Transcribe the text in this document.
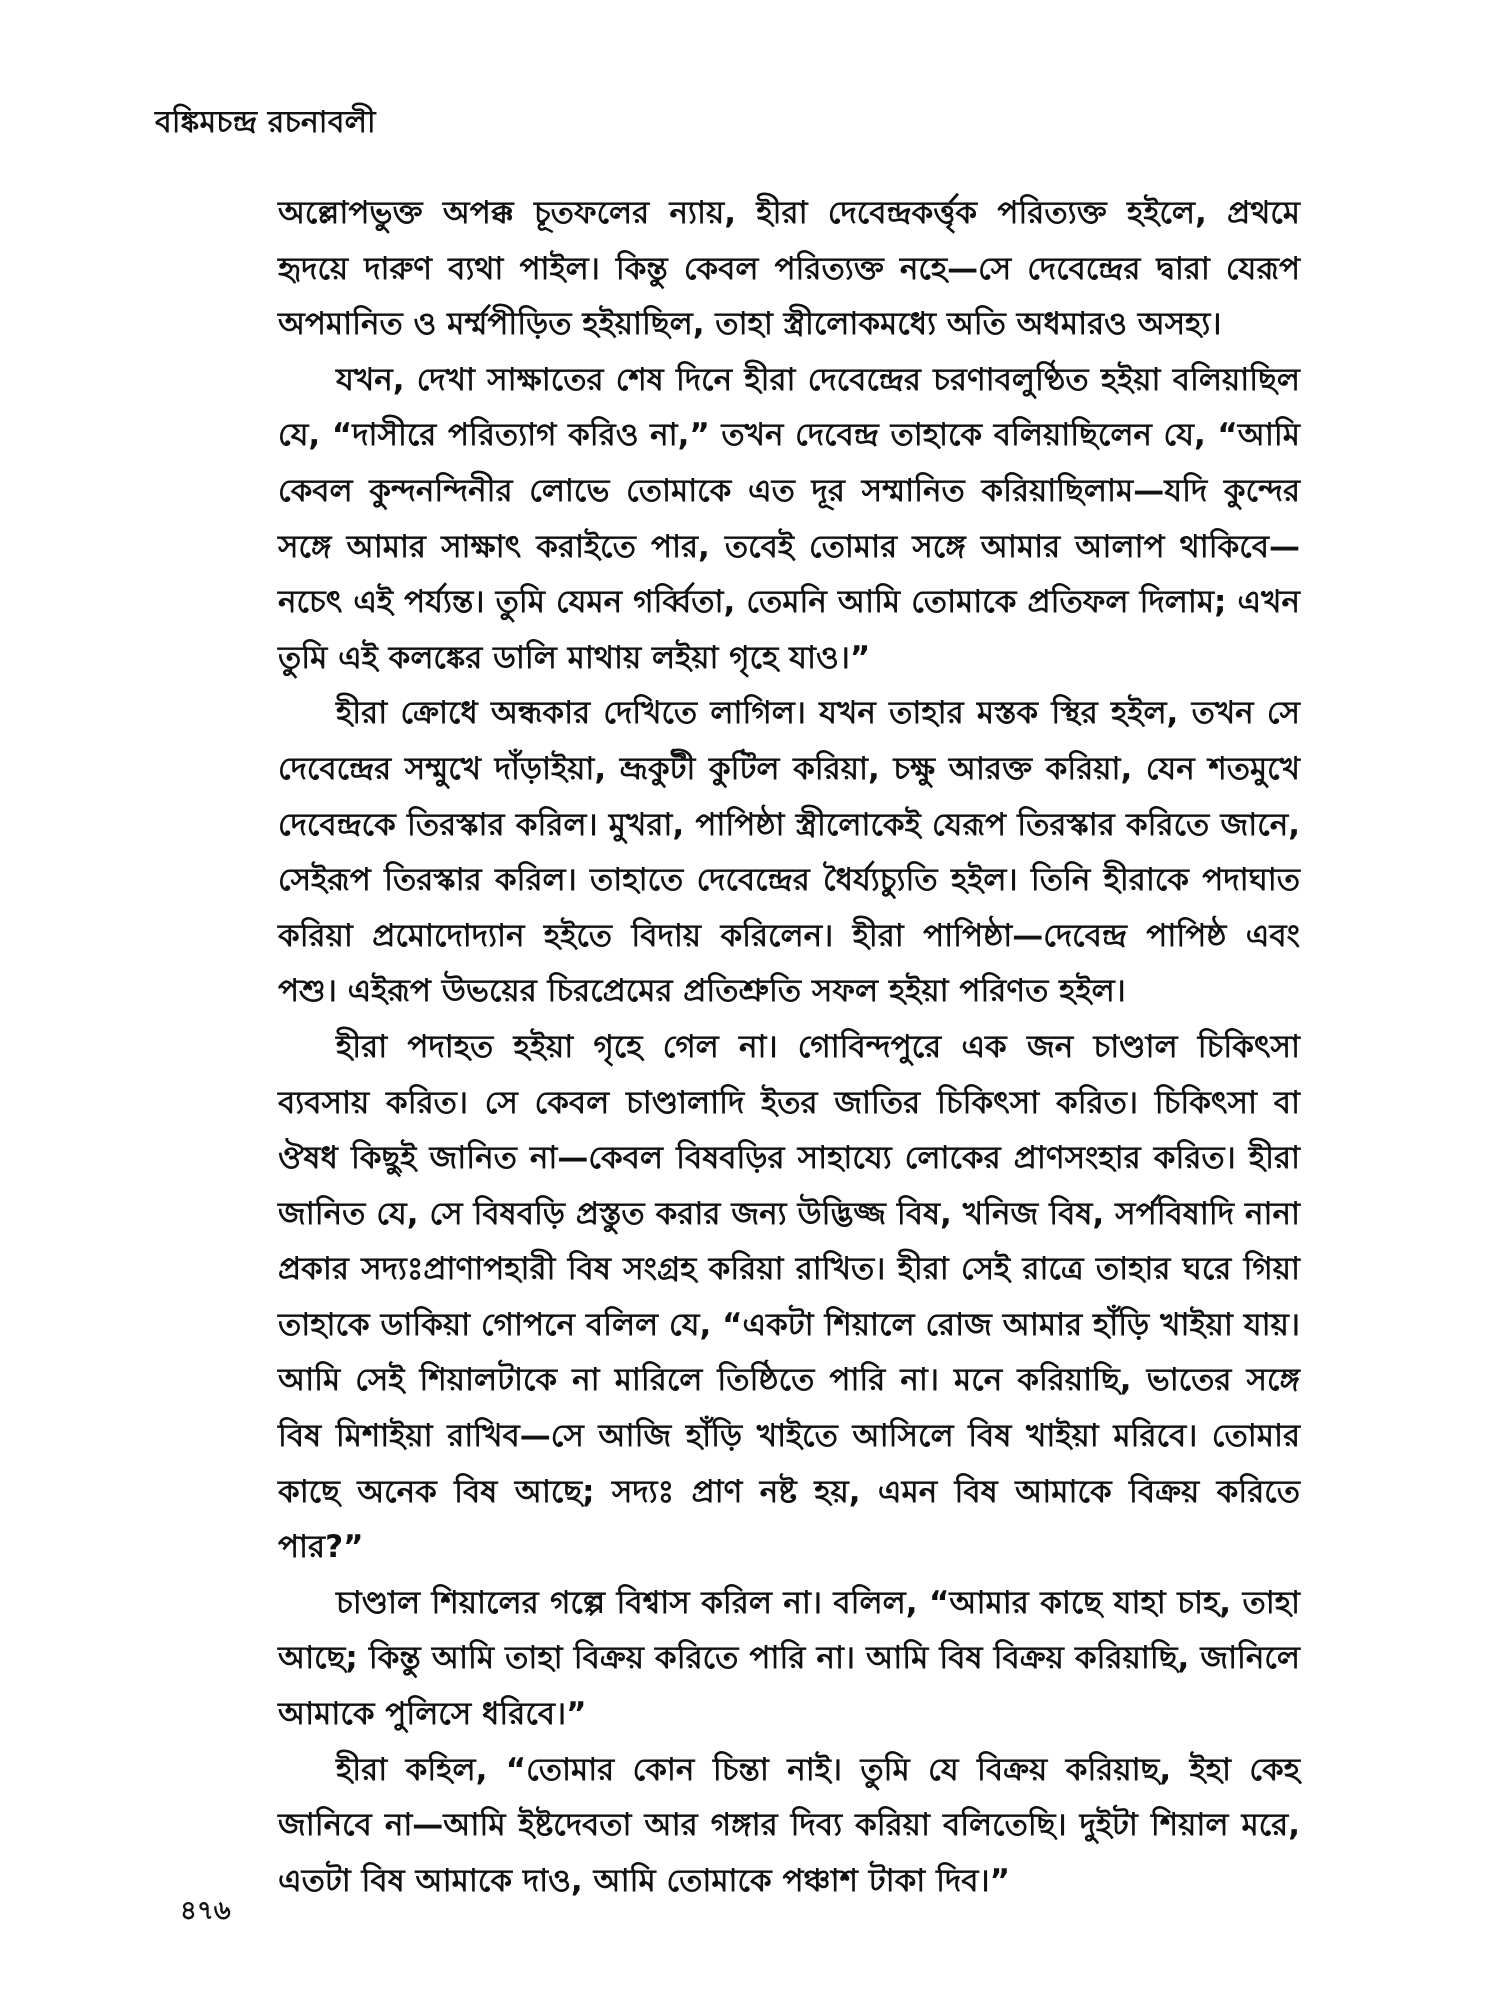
বঙ্কিমচন্দ্র রচনাবলী

অল্লোপভুক্ত অপক্ক চূতফলের ন্যায়, হীরা দেবেন্দ্রকর্ত্তৃক পরিত্যক্ত হইলে, প্রথমে হৃদয়ে দারুণ ব্যথা পাইল। কিন্তু কেবল পরিত্যক্ত নহে—সে দেবেন্দ্রের দ্বারা যেরূপ অপমানিত ও মর্ম্মপীড়িত হইয়াছিল, তাহা স্ত্রীলোকমধ্যে অতি অধমারও অসহ্য।

যখন, দেখা সাক্ষাতের শেষ দিনে হীরা দেবেন্দ্রের চরণাবলুণ্ঠিত হইয়া বলিয়াছিল যে, “দাসীরে পরিত্যাগ করিও না,” তখন দেবেন্দ্র তাহাকে বলিয়াছিলেন যে, “আমি কেবল কুন্দনন্দিনীর লোভে তোমাকে এত দূর সম্মানিত করিয়াছিলাম—যদি কুন্দের সঙ্গে আমার সাক্ষাৎ করাইতে পার, তবেই তোমার সঙ্গে আমার আলাপ থাকিবে—নচেৎ এই পর্য্যন্ত। তুমি যেমন গর্ব্বিতা, তেমনি আমি তোমাকে প্রতিফল দিলাম; এখন তুমি এই কলঙ্কের ডালি মাথায় লইয়া গৃহে যাও।”

হীরা ক্রোধে অন্ধকার দেখিতে লাগিল। যখন তাহার মস্তক স্থির হইল, তখন সে দেবেন্দ্রের সম্মুখে দাঁড়াইয়া, ভ্রূকুটী কুটিল করিয়া, চক্ষু আরক্ত করিয়া, যেন শতমুখে দেবেন্দ্রকে তিরস্কার করিল। মুখরা, পাপিষ্ঠা স্ত্রীলোকেই যেরূপ তিরস্কার করিতে জানে, সেইরূপ তিরস্কার করিল। তাহাতে দেবেন্দ্রের ধৈর্য্যচ্যুতি হইল। তিনি হীরাকে পদাঘাত করিয়া প্রমোদোদ্যান হইতে বিদায় করিলেন। হীরা পাপিষ্ঠা—দেবেন্দ্র পাপিষ্ঠ এবং পশু। এইরূপ উভয়ের চিরপ্রেমের প্রতিশ্রুতি সফল হইয়া পরিণত হইল।

হীরা পদাহত হইয়া গৃহে গেল না। গোবিন্দপুরে এক জন চাণ্ডাল চিকিৎসা ব্যবসায় করিত। সে কেবল চাণ্ডালাদি ইতর জাতির চিকিৎসা করিত। চিকিৎসা বা ঔষধ কিছুই জানিত না—কেবল বিষবড়ির সাহায্যে লোকের প্রাণসংহার করিত। হীরা জানিত যে, সে বিষবড়ি প্রস্তুত করার জন্য উদ্ভিজ্জ বিষ, খনিজ বিষ, সর্পবিষাদি নানা প্রকার সদ্যঃপ্রাণাপহারী বিষ সংগ্রহ করিয়া রাখিত। হীরা সেই রাত্রে তাহার ঘরে গিয়া তাহাকে ডাকিয়া গোপনে বলিল যে, “একটা শিয়ালে রোজ আমার হাঁড়ি খাইয়া যায়। আমি সেই শিয়ালটাকে না মারিলে তিষ্ঠিতে পারি না। মনে করিয়াছি, ভাতের সঙ্গে বিষ মিশাইয়া রাখিব—সে আজি হাঁড়ি খাইতে আসিলে বিষ খাইয়া মরিবে। তোমার কাছে অনেক বিষ আছে; সদ্যঃ প্রাণ নষ্ট হয়, এমন বিষ আমাকে বিক্রয় করিতে পার?”

চাণ্ডাল শিয়ালের গল্পে বিশ্বাস করিল না। বলিল, “আমার কাছে যাহা চাহ, তাহা আছে; কিন্তু আমি তাহা বিক্রয় করিতে পারি না। আমি বিষ বিক্রয় করিয়াছি, জানিলে আমাকে পুলিসে ধরিবে।”

হীরা কহিল, “তোমার কোন চিন্তা নাই। তুমি যে বিক্রয় করিয়াছ, ইহা কেহ জানিবে না—আমি ইষ্টদেবতা আর গঙ্গার দিব্য করিয়া বলিতেছি। দুইটা শিয়াল মরে, এতটা বিষ আমাকে দাও, আমি তোমাকে পঞ্চাশ টাকা দিব।”

৪৭৬
